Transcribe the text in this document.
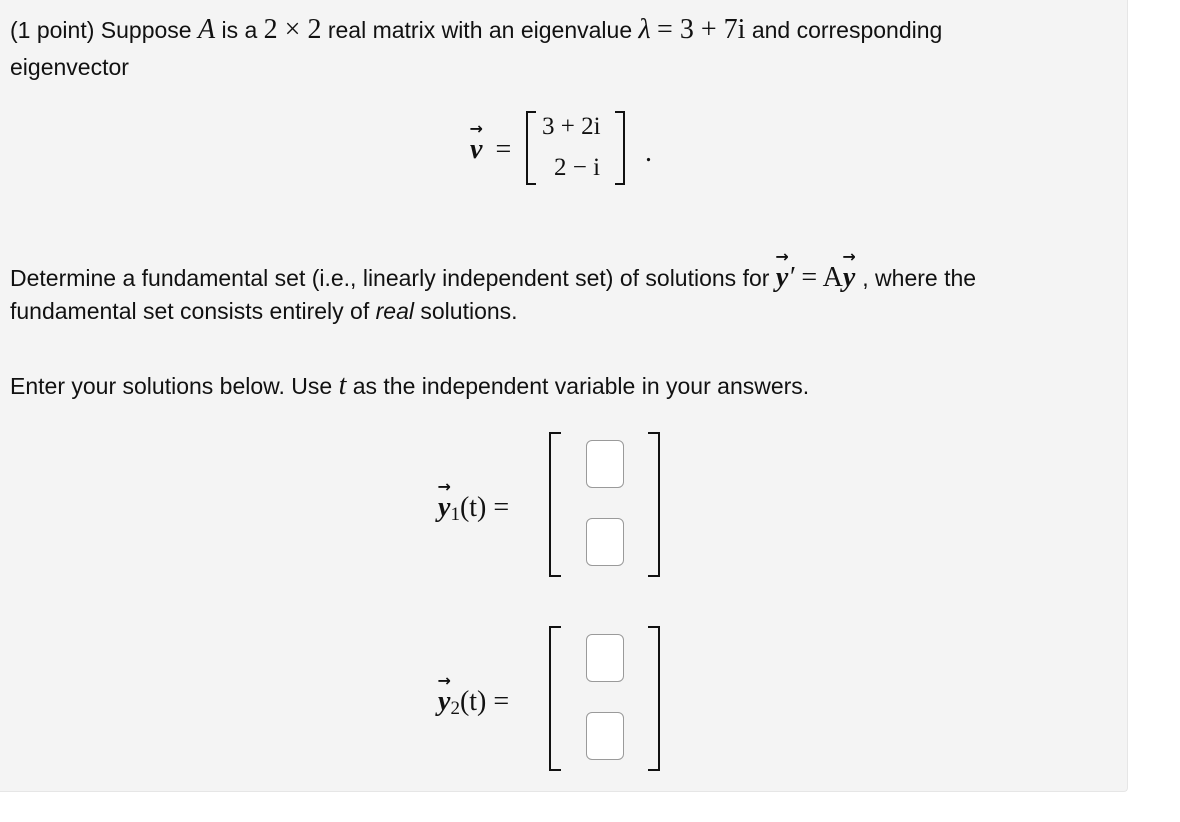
(1 point) Suppose A is a 2 × 2 real matrix with an eigenvalue λ = 3 + 7i and corresponding
eigenvector
→
v =
3 + 2i
2 − i .
Determine a fundamental set (i.e., linearly independent set) of solutions for
→
y′ = A
→
y , where the
fundamental set consists entirely of real solutions.
Enter your solutions below. Use t as the independent variable in your answers.
→
$y_1(t)$ =
→
$y_2(t)$ =
